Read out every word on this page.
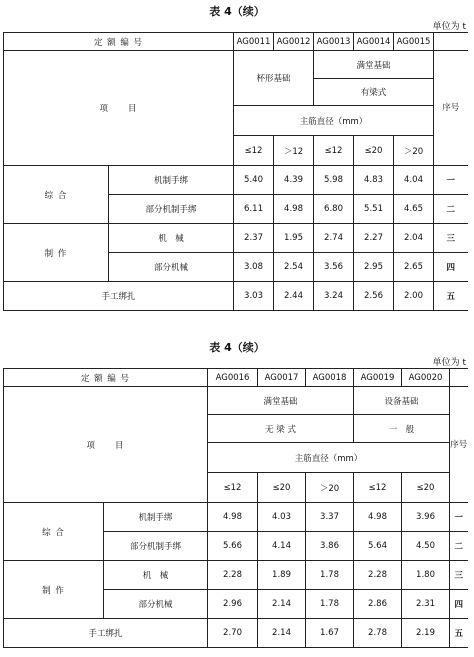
表 4（续）
单位为 t
定 额 编 号		AG0011	AG0012	AG0013	AG0014	AG0015	
项　　目		杯形基础		满堂基础			序号
				有梁式			
		主筋直径（mm）					
		≤12	＞12	≤12	≤20	＞20	
综 合	机制手绑	5.40	4.39	5.98	4.83	4.04	一
	部分机制手绑	6.11	4.98	6.80	5.51	4.65	二
制 作	机　械	2.37	1.95	2.74	2.27	2.04	三
	部分机械	3.08	2.54	3.56	2.95	2.65	四
手工绑扎		3.03	2.44	3.24	2.56	2.00	五
表 4（续）
单位为 t
定 额 编 号		AG0016	AG0017	AG0018	AG0019	AG0020	
项　　目		满堂基础			设备基础		序号
		无 梁 式			一　般		
		主筋直径（mm）					
		≤12	≤20	＞20	≤12	≤20	
综 合	机制手绑	4.98	4.03	3.37	4.98	3.96	一
	部分机制手绑	5.66	4.14	3.86	5.64	4.50	二
制 作	机　械	2.28	1.89	1.78	2.28	1.80	三
	部分机械	2.96	2.14	1.78	2.86	2.31	四
手工绑扎		2.70	2.14	1.67	2.78	2.19	五
